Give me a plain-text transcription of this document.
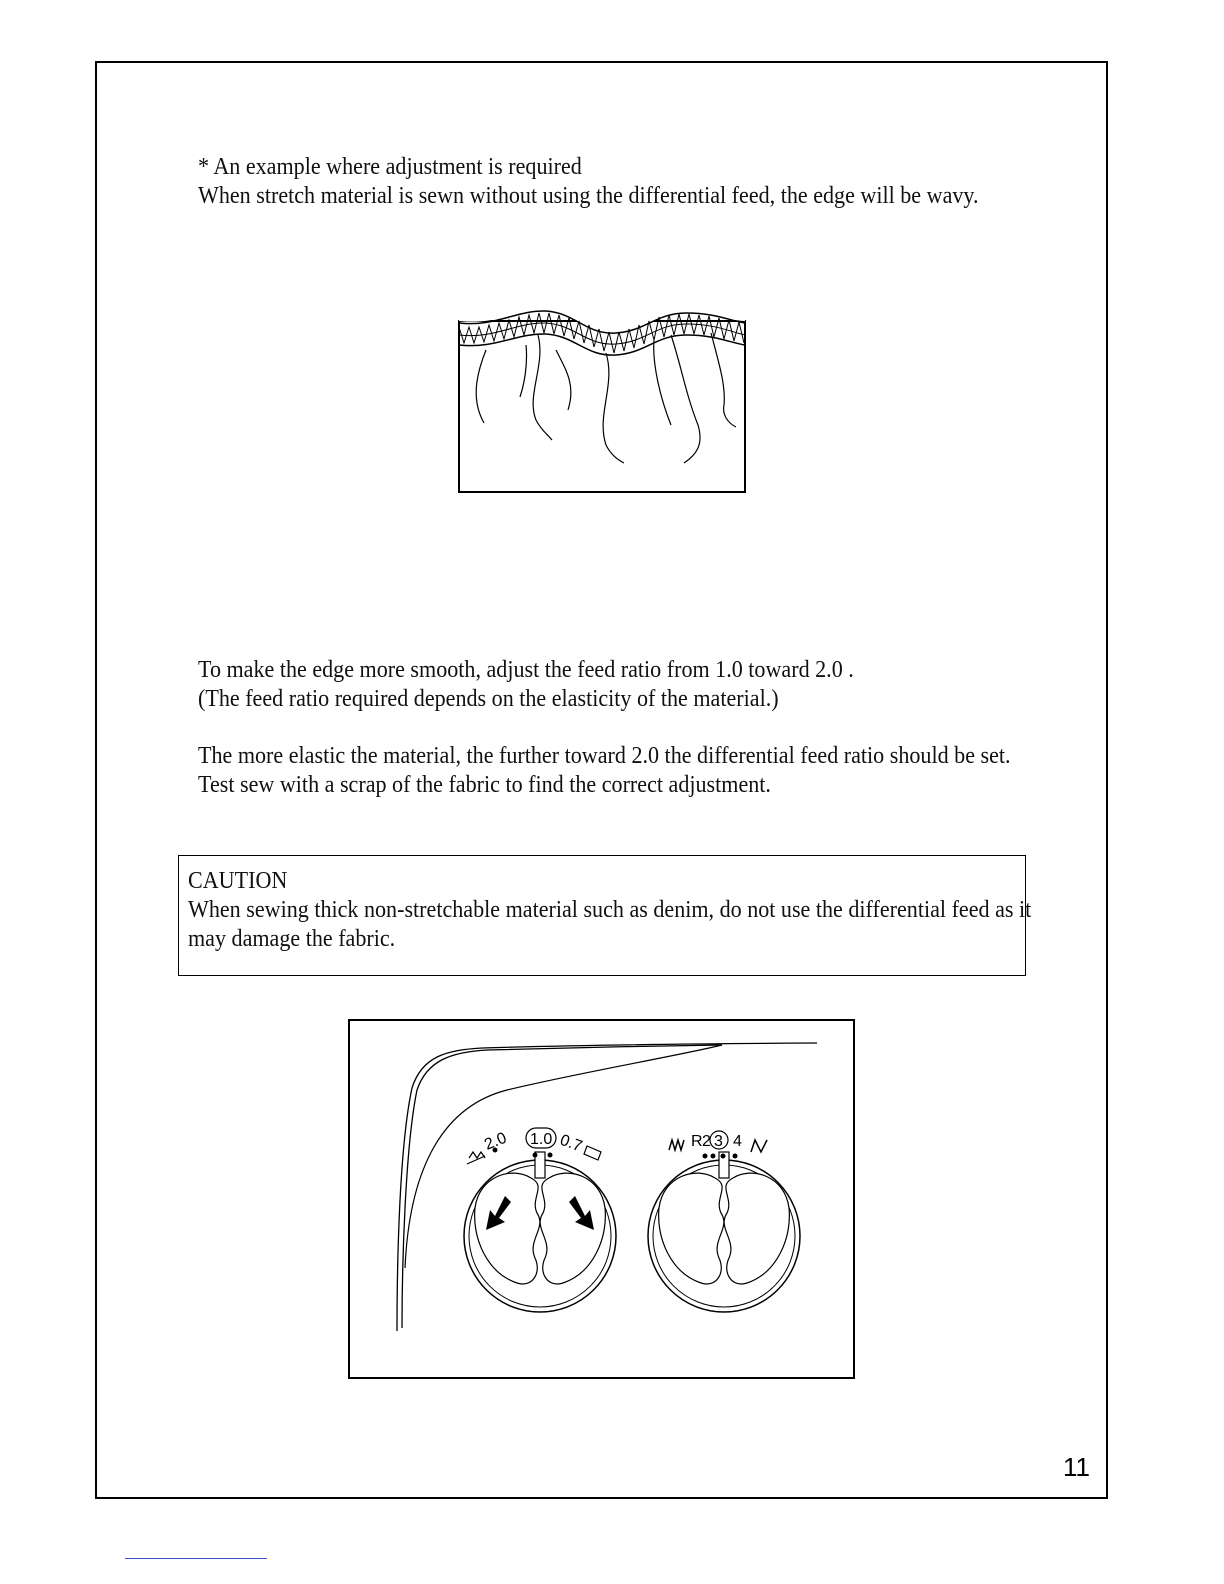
* An example where adjustment is required
When stretch material is sewn without using the differential feed, the edge will be wavy.
To make the edge more smooth, adjust the feed ratio from 1.0 toward 2.0 .
(The feed ratio required depends on the elasticity of the material.)
The more elastic the material, the further toward 2.0 the differential feed ratio should be set. Test sew with a scrap of the fabric to find the correct adjustment.
CAUTION
When sewing thick non-stretchable material such as denim, do not use the differential feed as it may damage the fabric.
2.0 1.0 0.7	R 2 3 4
11
